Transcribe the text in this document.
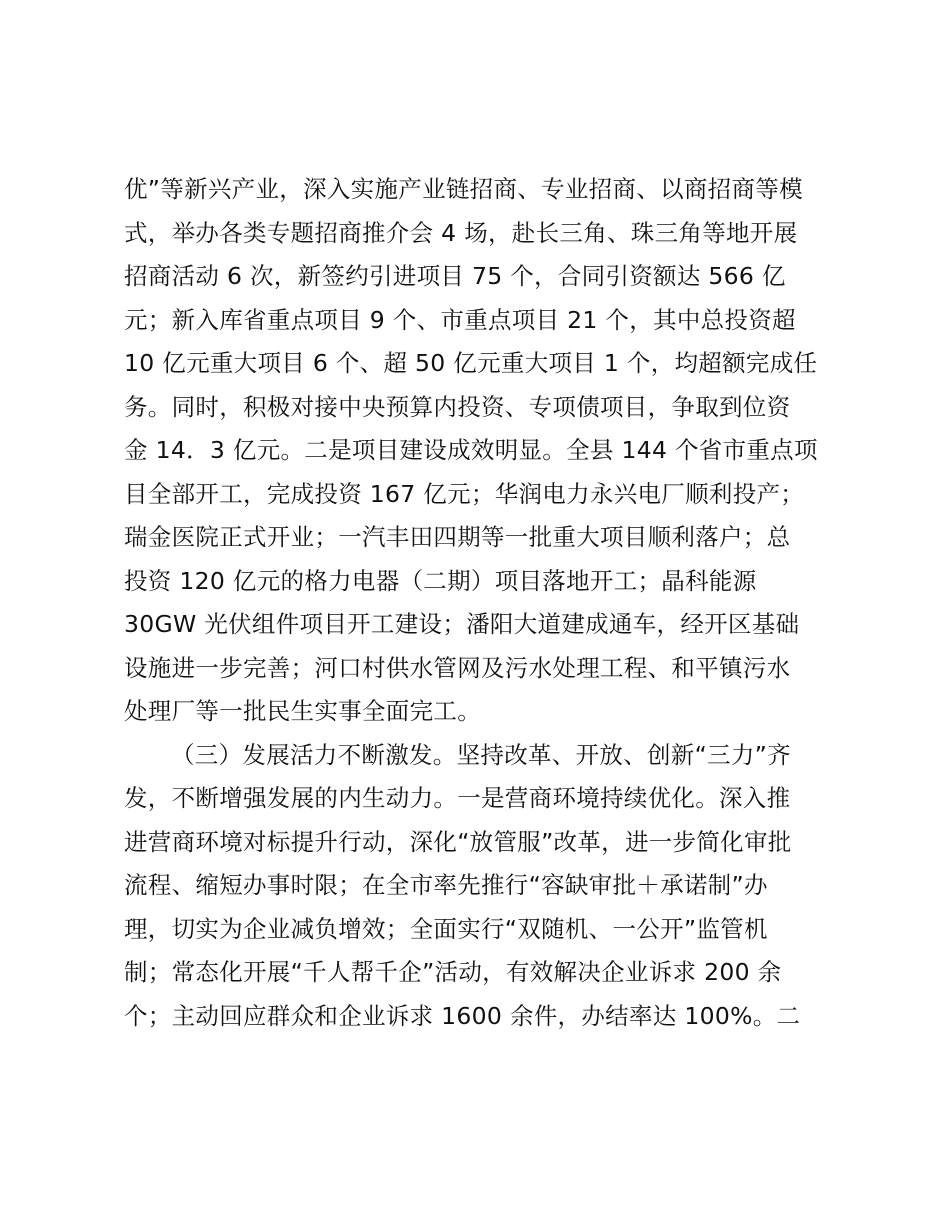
优”等新兴产业，深入实施产业链招商、专业招商、以商招商等模
式，举办各类专题招商推介会 4 场，赴长三角、珠三角等地开展
招商活动 6 次，新签约引进项目 75 个，合同引资额达 566 亿
元；新入库省重点项目 9 个、市重点项目 21 个，其中总投资超
10 亿元重大项目 6 个、超 50 亿元重大项目 1 个，均超额完成任
务。同时，积极对接中央预算内投资、专项债项目，争取到位资
金 14．3 亿元。二是项目建设成效明显。全县 144 个省市重点项
目全部开工，完成投资 167 亿元；华润电力永兴电厂顺利投产；
瑞金医院正式开业；一汽丰田四期等一批重大项目顺利落户；总
投资 120 亿元的格力电器（二期）项目落地开工；晶科能源
30GW 光伏组件项目开工建设；潘阳大道建成通车，经开区基础
设施进一步完善；河口村供水管网及污水处理工程、和平镇污水
处理厂等一批民生实事全面完工。
（三）发展活力不断激发。坚持改革、开放、创新“三力”齐
发，不断增强发展的内生动力。一是营商环境持续优化。深入推
进营商环境对标提升行动，深化“放管服”改革，进一步简化审批
流程、缩短办事时限；在全市率先推行“容缺审批＋承诺制”办
理，切实为企业减负增效；全面实行“双随机、一公开”监管机
制；常态化开展“千人帮千企”活动，有效解决企业诉求 200 余
个；主动回应群众和企业诉求 1600 余件，办结率达 100%。二
